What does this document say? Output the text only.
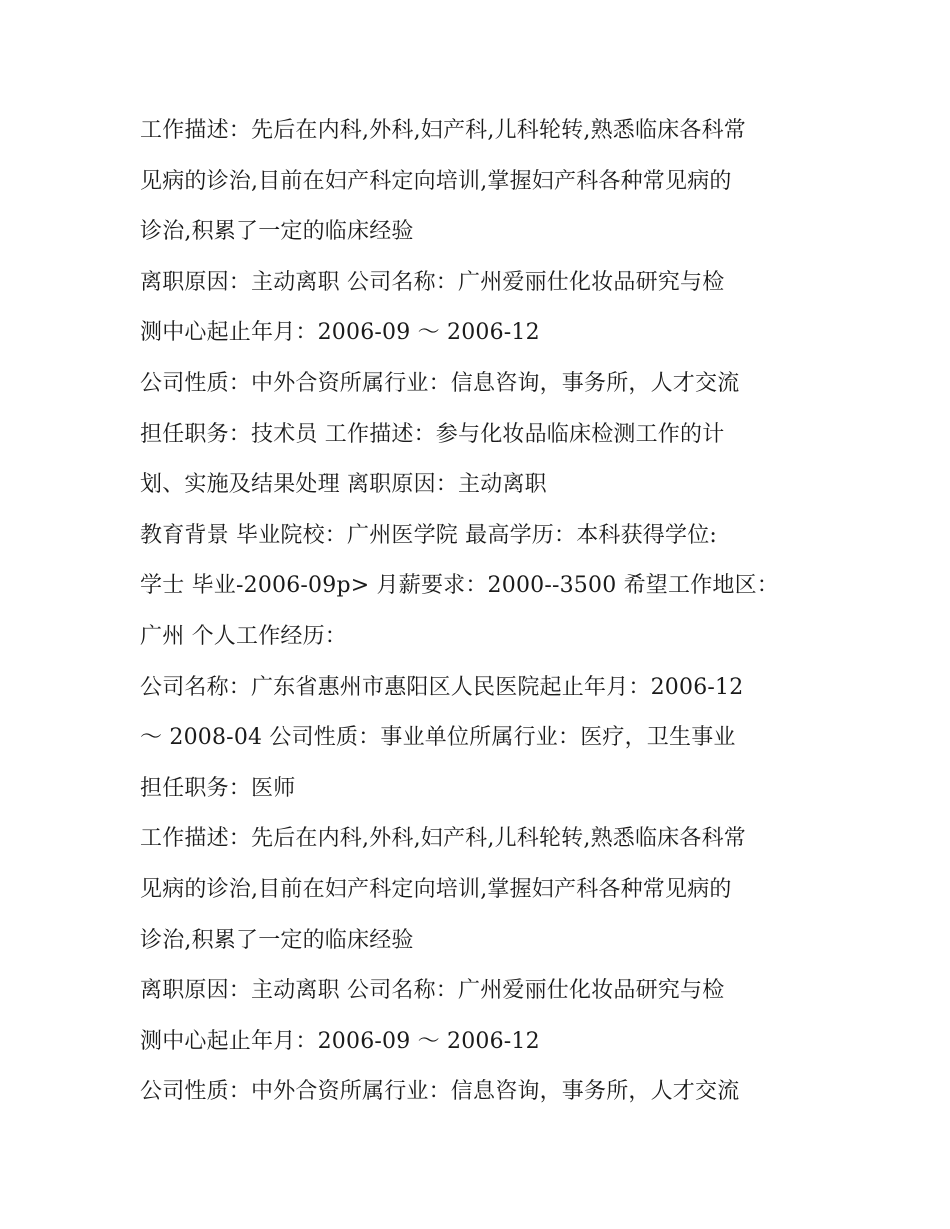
工作描述：先后在内科,外科,妇产科,儿科轮转,熟悉临床各科常
见病的诊治,目前在妇产科定向培训,掌握妇产科各种常见病的
诊治,积累了一定的临床经验
离职原因：主动离职 公司名称：广州爱丽仕化妆品研究与检
测中心起止年月：2006-09 ～ 2006-12
公司性质：中外合资所属行业：信息咨询，事务所，人才交流
担任职务：技术员 工作描述：参与化妆品临床检测工作的计
划、实施及结果处理 离职原因：主动离职
教育背景 毕业院校：广州医学院 最高学历：本科获得学位:
学士 毕业-2006-09p> 月薪要求：2000--3500 希望工作地区：
广州 个人工作经历：
公司名称：广东省惠州市惠阳区人民医院起止年月：2006-12
～ 2008-04 公司性质：事业单位所属行业：医疗，卫生事业
担任职务：医师
工作描述：先后在内科,外科,妇产科,儿科轮转,熟悉临床各科常
见病的诊治,目前在妇产科定向培训,掌握妇产科各种常见病的
诊治,积累了一定的临床经验
离职原因：主动离职 公司名称：广州爱丽仕化妆品研究与检
测中心起止年月：2006-09 ～ 2006-12
公司性质：中外合资所属行业：信息咨询，事务所，人才交流
